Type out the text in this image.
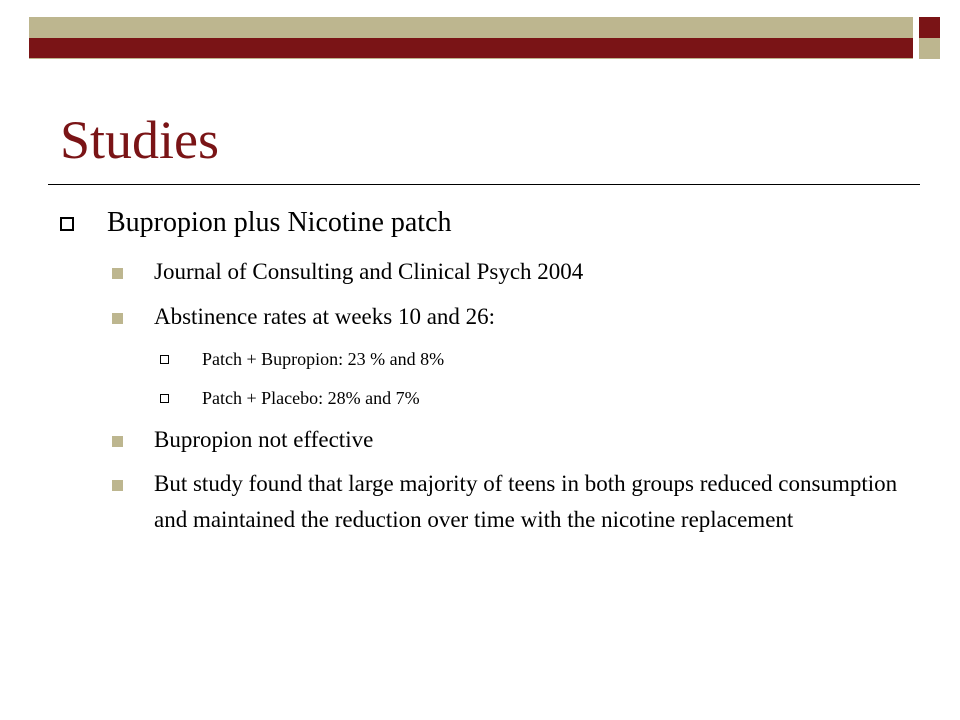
Studies
Bupropion plus Nicotine patch
Journal of Consulting and Clinical Psych 2004
Abstinence rates at weeks 10 and 26:
Patch + Bupropion: 23 % and 8%
Patch + Placebo: 28% and 7%
Bupropion not effective
But study found that large majority of teens in both groups reduced consumption and maintained the reduction over time with the nicotine replacement
